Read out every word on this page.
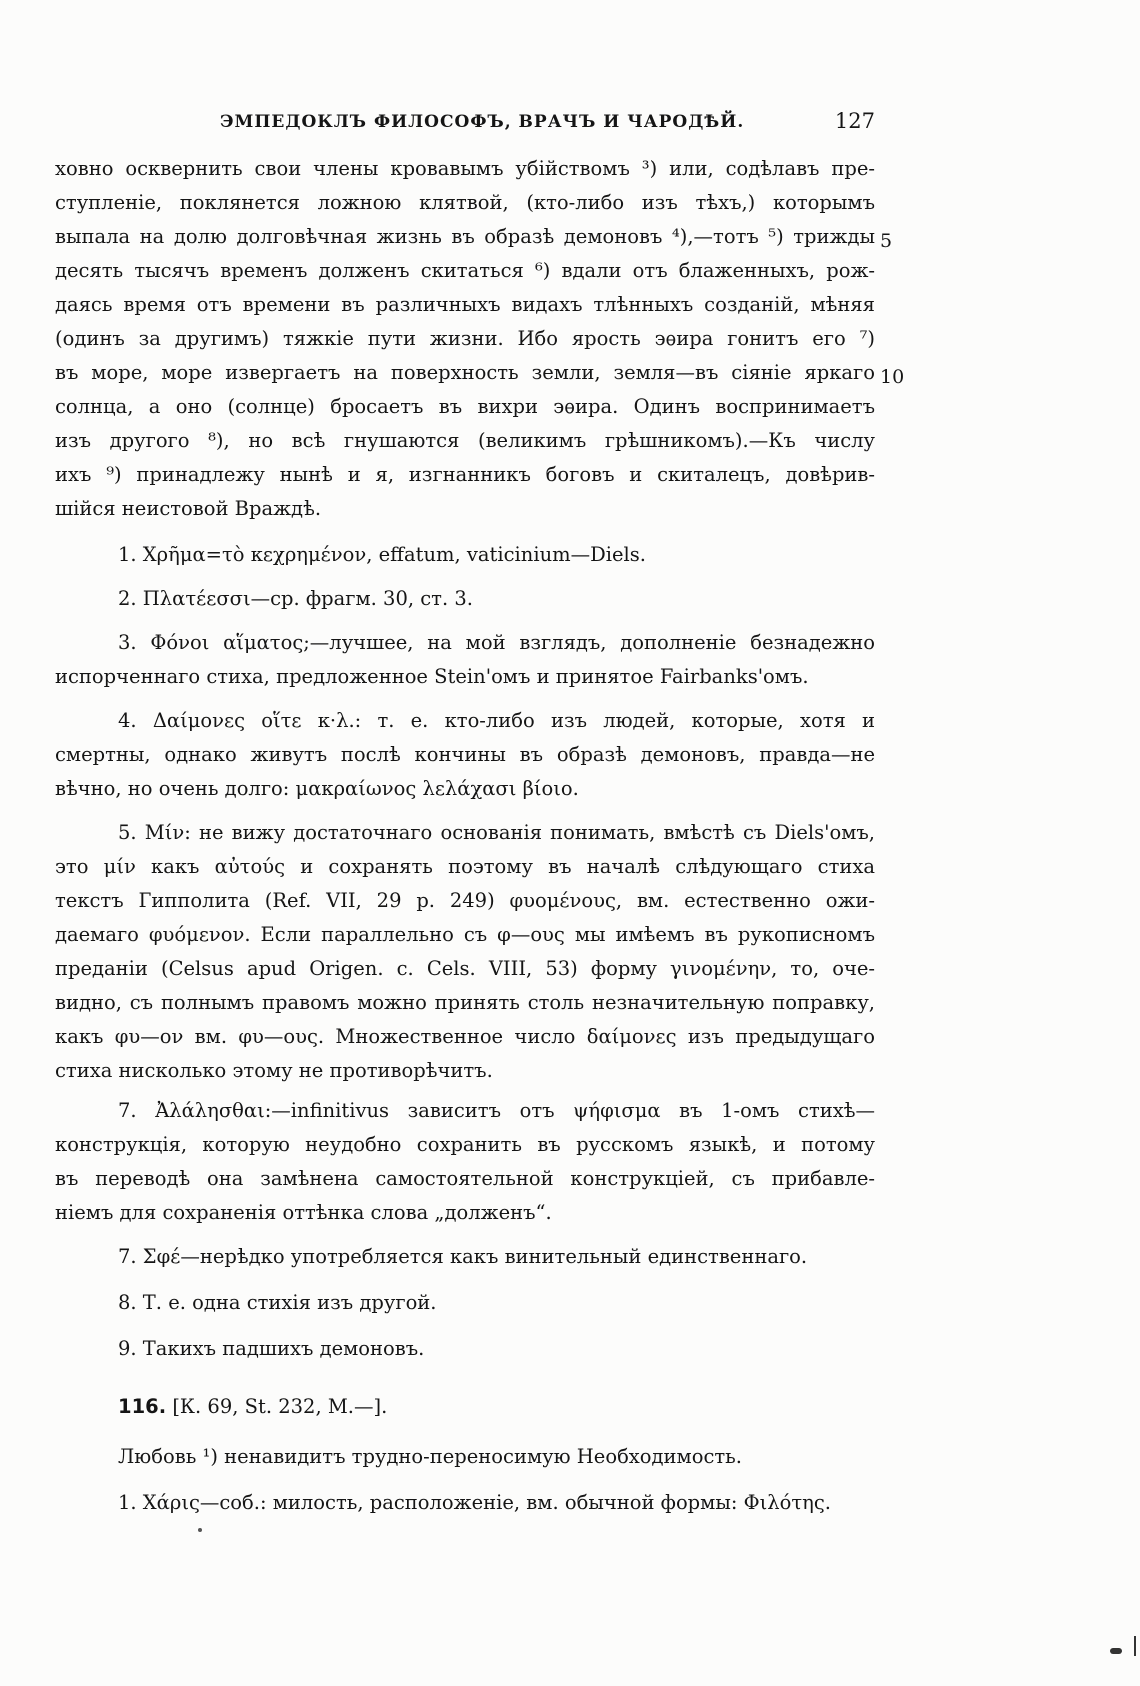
ЭМПЕДОКЛЪ ФИЛОСОФЪ, ВРАЧЪ И ЧАРОДѢЙ.	127
ховно осквернить свои члены кровавымъ убійствомъ ³) или, содѣлавъ пре-
ступленіе, поклянется ложною клятвой, (кто-либо изъ тѣхъ,) которымъ
выпала на долю долговѣчная жизнь въ образѣ демоновъ ⁴),—тотъ ⁵) трижды
десять тысячъ временъ долженъ скитаться ⁶) вдали отъ блаженныхъ, рож-
даясь время отъ времени въ различныхъ видахъ тлѣнныхъ созданій, мѣняя
(одинъ за другимъ) тяжкіе пути жизни. Ибо ярость эѳира гонитъ его ⁷)
въ море, море извергаетъ на поверхность земли, земля—въ сіяніе яркаго
солнца, а оно (солнце) бросаетъ въ вихри эѳира. Одинъ воспринимаетъ
изъ другого ⁸), но всѣ гнушаются (великимъ грѣшникомъ).—Къ числу
ихъ ⁹) принадлежу нынѣ и я, изгнанникъ боговъ и скиталецъ, довѣрив-
шійся неистовой Враждѣ.
5
10
1. Χρῆμα=τὸ κεχρημένον, effatum, vaticinium—Diels.
2. Πλατέεσσι—ср. фрагм. 30, ст. 3.
3. Φόνοι αἵματος;—лучшее, на мой взглядъ, дополненіе безнадежно
испорченнаго стиха, предложенное Stein'омъ и принятое Fairbanks'омъ.
4. Δαίμονες οἵτε κ·λ.: т. е. кто-либо изъ людей, которые, хотя и
смертны, однако живутъ послѣ кончины въ образѣ демоновъ, правда—не
вѣчно, но очень долго: μακραίωνος λελάχασι βίοιο.
5. Μίν: не вижу достаточнаго основанія понимать, вмѣстѣ съ Diels'омъ,
это μίν какъ αὐτούς и сохранять поэтому въ началѣ слѣдующаго стиха
текстъ Гипполита (Ref. VII, 29 p. 249) φυομένους, вм. естественно ожи-
даемаго φυόμενον. Если параллельно съ φ—ους мы имѣемъ въ рукописномъ
преданіи (Celsus apud Origen. c. Cels. VIII, 53) форму γινομένην, то, оче-
видно, съ полнымъ правомъ можно принять столь незначительную поправку,
какъ φυ—ον вм. φυ—ους. Множественное число δαίμονες изъ предыдущаго
стиха нисколько этому не противорѣчитъ.
7. Ἀλάλησθαι:—infinitivus зависитъ отъ ψήφισμα въ 1-омъ стихѣ—
конструкція, которую неудобно сохранить въ русскомъ языкѣ, и потому
въ переводѣ она замѣнена самостоятельной конструкціей, съ прибавле-
ніемъ для сохраненія оттѣнка слова „долженъ“.
7. Σφέ—нерѣдко употребляется какъ винительный единственнаго.
8. Т. е. одна стихія изъ другой.
9. Такихъ падшихъ демоновъ.
116. [К. 69, St. 232, М.—].
Любовь ¹) ненавидитъ трудно-переносимую Необходимость.
1. Χάρις—соб.: милость, расположеніе, вм. обычной формы: Φιλότης.
